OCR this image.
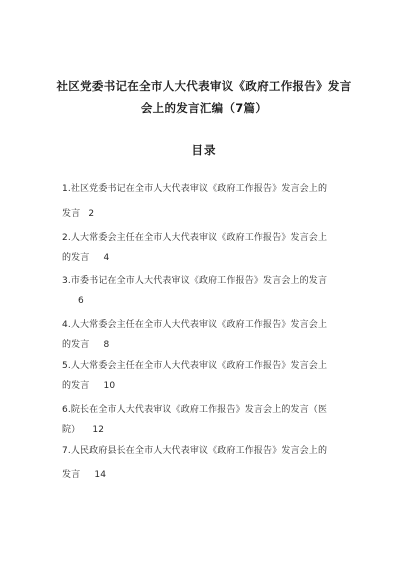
社区党委书记在全市人大代表审议《政府工作报告》发言
会上的发言汇编（7篇）
目录
1.社区党委书记在全市人大代表审议《政府工作报告》发言会上的
发言 2
2.人大常委会主任在全市人大代表审议《政府工作报告》发言会上
的发言 4
3.市委书记在全市人大代表审议《政府工作报告》发言会上的发言
6
4.人大常委会主任在全市人大代表审议《政府工作报告》发言会上
的发言 8
5.人大常委会主任在全市人大代表审议《政府工作报告》发言会上
的发言 10
6.院长在全市人大代表审议《政府工作报告》发言会上的发言（医
院） 12
7.人民政府县长在全市人大代表审议《政府工作报告》发言会上的
发言 14
